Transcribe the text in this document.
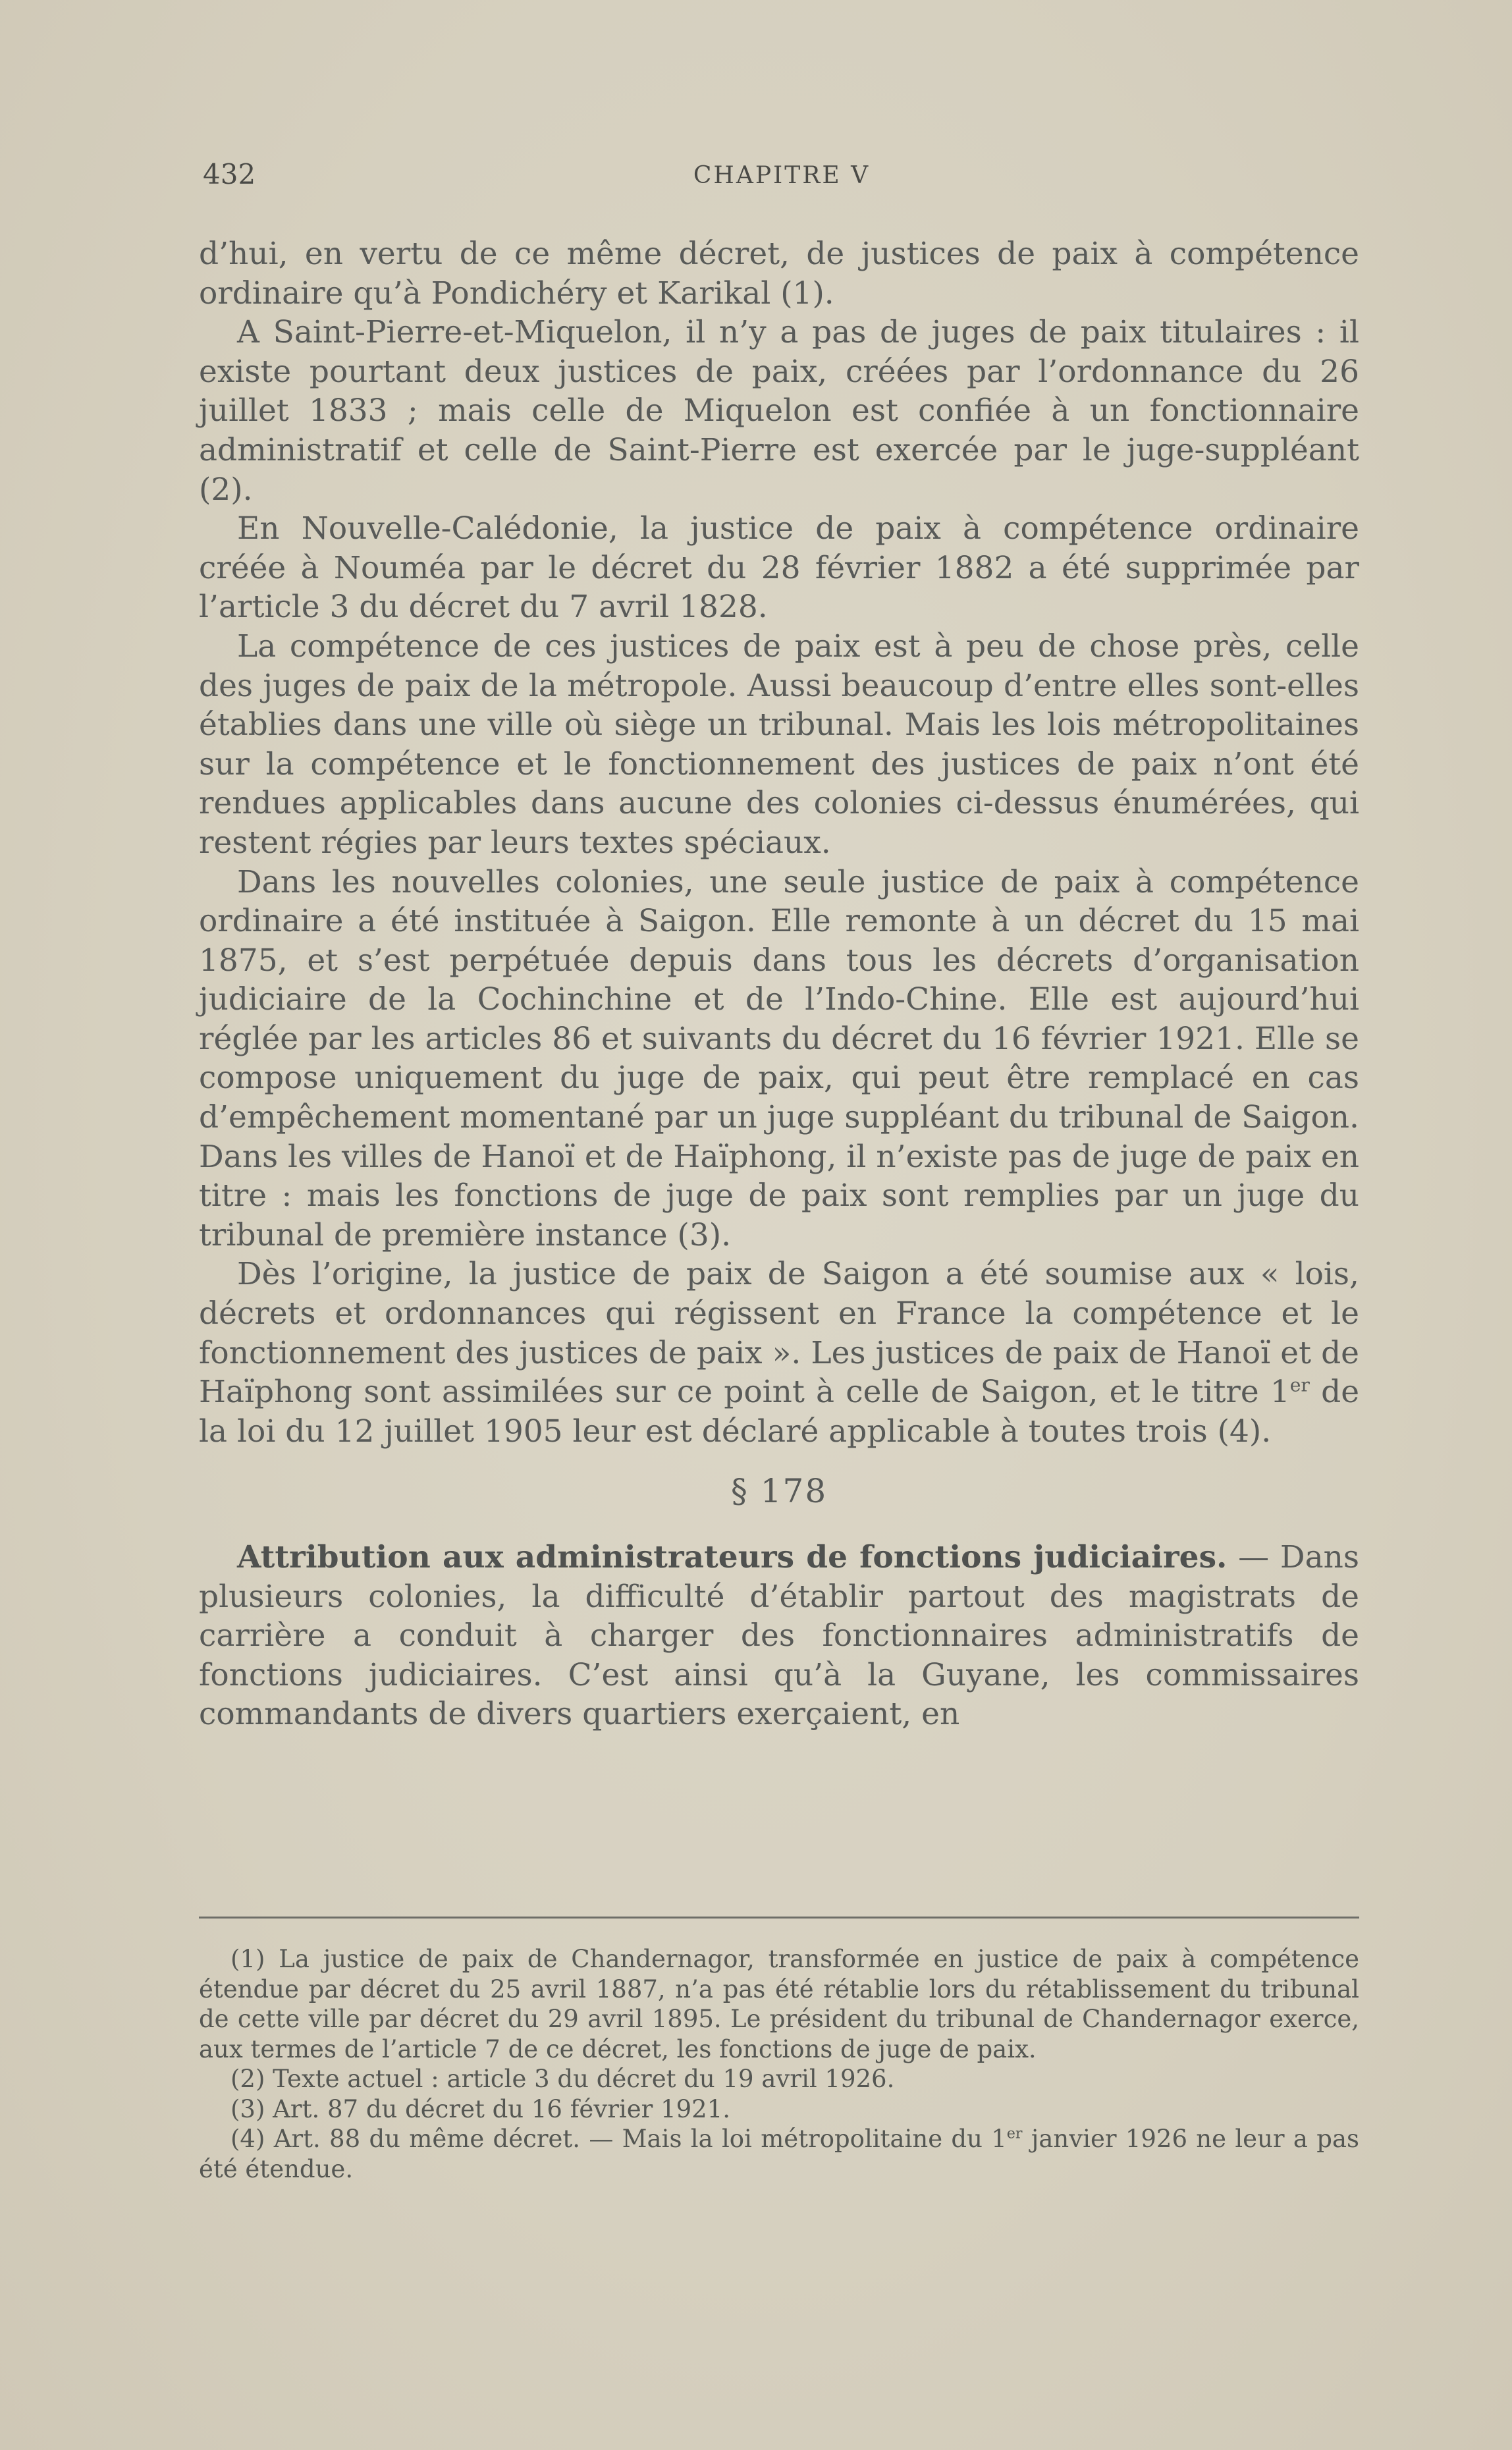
432	CHAPITRE V

d’hui, en vertu de ce même décret, de justices de paix à compétence ordinaire qu’à Pondichéry et Karikal (1).

A Saint-Pierre-et-Miquelon, il n’y a pas de juges de paix titulaires : il existe pourtant deux justices de paix, créées par l’ordonnance du 26 juillet 1833 ; mais celle de Miquelon est confiée à un fonctionnaire administratif et celle de Saint-Pierre est exercée par le juge-suppléant (2).

En Nouvelle-Calédonie, la justice de paix à compétence ordinaire créée à Nouméa par le décret du 28 février 1882 a été supprimée par l’article 3 du décret du 7 avril 1828.

La compétence de ces justices de paix est à peu de chose près, celle des juges de paix de la métropole. Aussi beaucoup d’entre elles sont-elles établies dans une ville où siège un tribunal. Mais les lois métropolitaines sur la compétence et le fonctionnement des justices de paix n’ont été rendues applicables dans aucune des colonies ci-dessus énumérées, qui restent régies par leurs textes spéciaux.

Dans les nouvelles colonies, une seule justice de paix à compétence ordinaire a été instituée à Saigon. Elle remonte à un décret du 15 mai 1875, et s’est perpétuée depuis dans tous les décrets d’organisation judiciaire de la Cochinchine et de l’Indo-Chine. Elle est aujourd’hui réglée par les articles 86 et suivants du décret du 16 février 1921. Elle se compose uniquement du juge de paix, qui peut être remplacé en cas d’empêchement momentané par un juge suppléant du tribunal de Saigon. Dans les villes de Hanoï et de Haïphong, il n’existe pas de juge de paix en titre : mais les fonctions de juge de paix sont remplies par un juge du tribunal de première instance (3).

Dès l’origine, la justice de paix de Saigon a été soumise aux « lois, décrets et ordonnances qui régissent en France la compétence et le fonctionnement des justices de paix ». Les justices de paix de Hanoï et de Haïphong sont assimilées sur ce point à celle de Saigon, et le titre 1er de la loi du 12 juillet 1905 leur est déclaré applicable à toutes trois (4).

§ 178

Attribution aux administrateurs de fonctions judiciaires. — Dans plusieurs colonies, la difficulté d’établir partout des magistrats de carrière a conduit à charger des fonctionnaires administratifs de fonctions judiciaires. C’est ainsi qu’à la Guyane, les commissaires commandants de divers quartiers exerçaient, en

(1) La justice de paix de Chandernagor, transformée en justice de paix à compétence étendue par décret du 25 avril 1887, n’a pas été rétablie lors du rétablissement du tribunal de cette ville par décret du 29 avril 1895. Le président du tribunal de Chandernagor exerce, aux termes de l’article 7 de ce décret, les fonctions de juge de paix.

(2) Texte actuel : article 3 du décret du 19 avril 1926.

(3) Art. 87 du décret du 16 février 1921.

(4) Art. 88 du même décret. — Mais la loi métropolitaine du 1er janvier 1926 ne leur a pas été étendue.
